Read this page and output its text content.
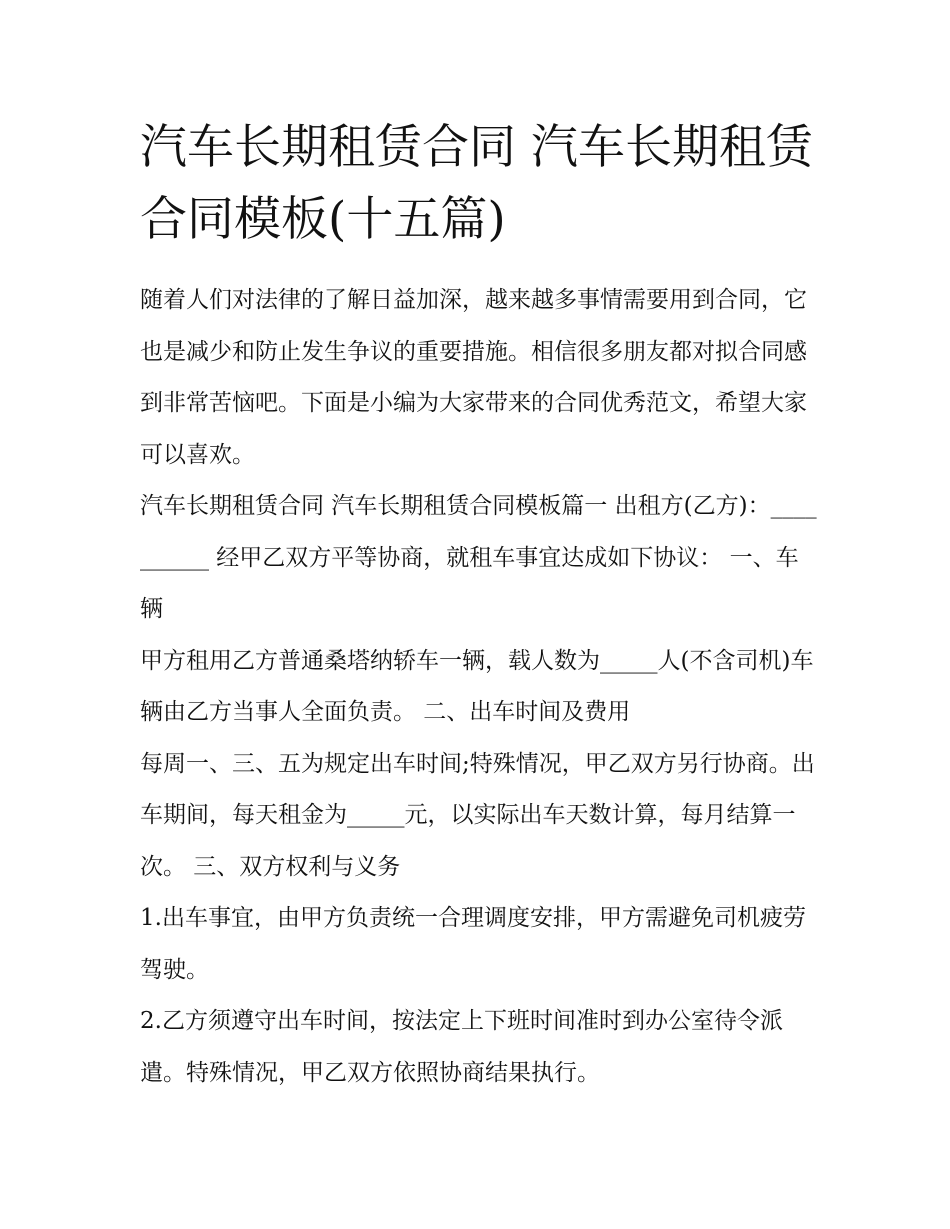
汽车长期租赁合同 汽车长期租赁合同模板(十五篇)

随着人们对法律的了解日益加深，越来越多事情需要用到合同，它也是减少和防止发生争议的重要措施。相信很多朋友都对拟合同感到非常苦恼吧。下面是小编为大家带来的合同优秀范文，希望大家可以喜欢。

汽车长期租赁合同 汽车长期租赁合同模板篇一 出租方(乙方)：__________ 经甲乙双方平等协商，就租车事宜达成如下协议： 一、车辆

甲方租用乙方普通桑塔纳轿车一辆，载人数为_____人(不含司机)车辆由乙方当事人全面负责。 二、出车时间及费用

每周一、三、五为规定出车时间;特殊情况，甲乙双方另行协商。出车期间，每天租金为_____元，以实际出车天数计算，每月结算一次。 三、双方权利与义务

1.出车事宜，由甲方负责统一合理调度安排，甲方需避免司机疲劳驾驶。

2.乙方须遵守出车时间，按法定上下班时间准时到办公室待令派遣。特殊情况，甲乙双方依照协商结果执行。
